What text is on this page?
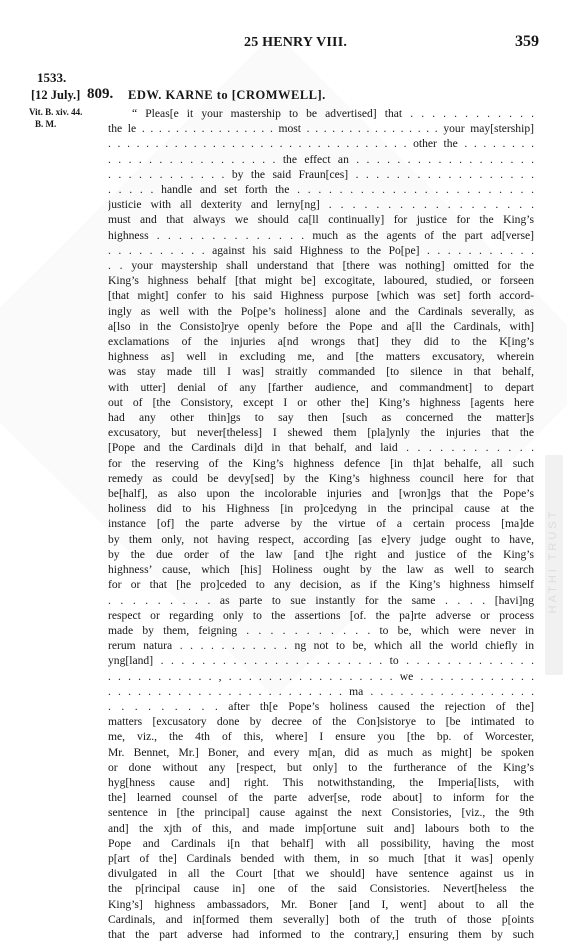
25 HENRY VIII.	359
1533.
[12 July.]
Vit. B. xiv. 44.
B. M.
809. EDW. KARNE to [CROMWELL].
“ Pleas[e it your mastership to be advertised] that . . . . . . . . . . . .
the le . . . . . . . . . . . . . . . . most . . . . . . . . . . . . . . . . your may[stership]
. . . . . . . . . . . . . . . . . . . . . . . . . . . . . . . . other the . . . . . . . .
. . . . . . . . . . . . . . . . . the effect an . . . . . . . . . . . . . . . . . .
. . . . . . . . . . . . by the said Fraun[ces] . . . . . . . . . . . . . . . . . .
. . . . . handle and set forth the . . . . . . . . . . . . . . . . . . . . . . .
justicie with all dexterity and lerny[ng] . . . . . . . . . . . . . . . . . .
must and that always we should ca[ll continually] for justice for the King’s
highness . . . . . . . . . . . . . . much as the agents of the part ad[verse]
. . . . . . . . . . against his said Highness to the Po[pe] . . . . . . . . . . .
. . your maystership shall understand that [there was nothing] omitted for the
King’s highness behalf [that might be] excogitate, laboured, studied, or forseen
[that might] confer to his said Highness purpose [which was set] forth accord-
ingly as well with the Po[pe’s holiness] alone and the Cardinals severally, as
a[lso in the Consisto]rye openly before the Pope and a[ll the Cardinals, with]
exclamations of the injuries a[nd wrongs that] they did to the K[ing’s
highness as] well in excluding me, and [the matters excusatory, wherein
was stay made till I was] straitly commanded [to silence in that behalf,
with utter] denial of any [farther audience, and commandment] to depart
out of [the Consistory, except I or other the] King’s highness [agents here
had any other thin]gs to say then [such as concerned the matter]s
excusatory, but never[theless] I shewed them [pla]ynly the injuries that the
[Pope and the Cardinals di]d in that behalf, and laid . . . . . . . . . . . .
for the reserving of the King’s highness defence [in th]at behalfe, all such
remedy as could be devy[sed] by the King’s highness council here for that
be[half], as also upon the incolorable injuries and [wron]gs that the Pope’s
holiness did to his Highness [in pro]cedyng in the principal cause at the
instance [of] the parte adverse by the virtue of a certain process [ma]de
by them only, not having respect, according [as e]very judge ought to have,
by the due order of the law [and t]he right and justice of the King’s
highness’ cause, which [his] Holiness ought by the law as well to search
for or that [he pro]ceded to any decision, as if the King’s highness himself
. . . . . . . . . as parte to sue instantly for the same . . . . [havi]ng
respect or regarding only to the assertions [of. the pa]rte adverse or process
made by them, feigning . . . . . . . . . . . to be, which were never in
rerum natura . . . . . . . . . . . ng not to be, which all the world chiefly in
yng[land] . . . . . . . . . . . . . . . . . . . . . . to . . . . . . . . . . . . .
. . . . . . . . . . . , . . . . . . . . . . . . . . . . . we . . . . . . . . . . . .
. . . . . . . . . . . . . . . . . . . . . . . . ma . . . . . . . . . . . . . . . . .
. . . . . . . . . after th[e Pope’s holiness caused the rejection of the]
matters [excusatory done by decree of the Con]sistorye to [be intimated to
me, viz., the 4th of this, where] I ensure you [the bp. of Worcester,
Mr. Bennet, Mr.] Boner, and every m[an, did as much as might] be spoken
or done without any [respect, but only] to the furtherance of the King’s
hyg[hness cause and] right. This notwithstanding, the Imperia[lists, with
the] learned counsel of the parte adver[se, rode about] to inform for the
sentence in [the principal] cause against the next Consistories, [viz., the 9th
and] the xjth of this, and made imp[ortune suit and] labours both to the
Pope and Cardinals i[n that behalf] with all possibility, having the most
p[art of the] Cardinals bended with them, in so much [that it was] openly
divulgated in all the Court [that we should] have sentence against us in
the p[rincipal cause in] one of the said Consistories. Nevert[heless the
King’s] highness ambassadors, Mr. Boner [and I, went] about to all the
Cardinals, and in[formed them severally] both of the truth of those p[oints
that the part adverse had informed to the contrary,] ensuring them by such
HATHI TRUST
